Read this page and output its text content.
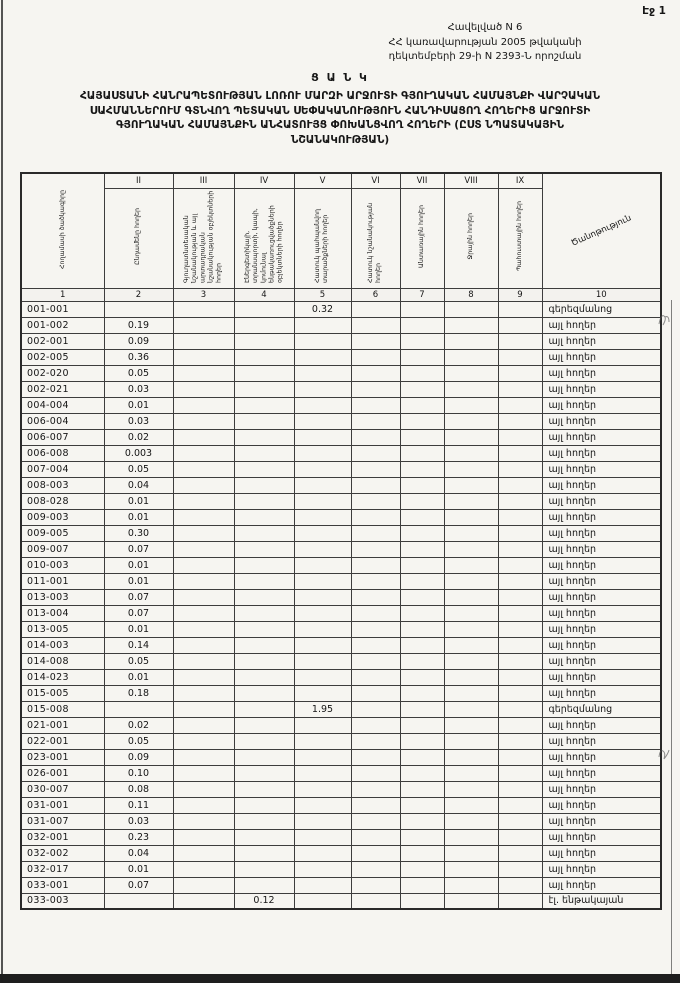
Էջ 1
Հավելված N 6
ՀՀ կառավարության 2005 թվականի
դեկտեմբերի 29-ի N 2393-Ն որոշման
Ց Ա Ն Կ
ՀԱՅԱՍՏԱՆԻ ՀԱՆՐԱՊԵՏՈՒԹՅԱՆ ԼՈՌՈՒ ՄԱՐԶԻ ԱՐՋՈՒՏԻ ԳՅՈՒՂԱԿԱՆ ՀԱՄԱՅՆՔԻ ՎԱՐՉԱԿԱՆ
ՍԱՀՄԱՆՆԵՐՈՒՄ ԳՏՆՎՈՂ ՊԵՏԱԿԱՆ ՍԵՓԱԿԱՆՈՒԹՅՈՒՆ ՀԱՆԴԻՍԱՑՈՂ ՀՈՂԵՐԻՑ ԱՐՋՈՒՏԻ
ԳՅՈՒՂԱԿԱՆ ՀԱՄԱՅՆՔԻՆ ԱՆՀԱՏՈՒՅՑ ՓՈԽԱՆՑՎՈՂ ՀՈՂԵՐԻ (ԸՍՏ ՆՊԱՏԱԿԱՅԻՆ
ՆՇԱՆԱԿՈՒԹՅԱՆ)
Հողամասի ծածկագիրը	II	III	IV	V	VI	VII	VIII	IX	Ծանոթություն
	Ընդամենը հողեր	Գյուղատնտեսական նշանակության և այլ արտադրական նշանակության օբյեկտների հողեր	Էներգետիկայի, տրանսպորտի, կապի, կոմունալ ենթակառուցվածքների օբյեկտների հողեր	Հատուկ պահպանվող տարածքների հողեր	Հատուկ նշանակության հողեր	Անտառային հողեր	Ջրային հողեր	Պահուստային հողեր	
1	2	3	4	5	6	7	8	9	10
001-001				0.32					գերեզմանոց
001-002	0.19								այլ հողեր
002-001	0.09								այլ հողեր
002-005	0.36								այլ հողեր
002-020	0.05								այլ հողեր
002-021	0.03								այլ հողեր
004-004	0.01								այլ հողեր
006-004	0.03								այլ հողեր
006-007	0.02								այլ հողեր
006-008	0.003								այլ հողեր
007-004	0.05								այլ հողեր
008-003	0.04								այլ հողեր
008-028	0.01								այլ հողեր
009-003	0.01								այլ հողեր
009-005	0.30								այլ հողեր
009-007	0.07								այլ հողեր
010-003	0.01								այլ հողեր
011-001	0.01								այլ հողեր
013-003	0.07								այլ հողեր
013-004	0.07								այլ հողեր
013-005	0.01								այլ հողեր
014-003	0.14								այլ հողեր
014-008	0.05								այլ հողեր
014-023	0.01								այլ հողեր
015-005	0.18								այլ հողեր
015-008				1.95					գերեզմանոց
021-001	0.02								այլ հողեր
022-001	0.05								այլ հողեր
023-001	0.09								այլ հողեր
026-001	0.10								այլ հողեր
030-007	0.08								այլ հողեր
031-001	0.11								այլ հողեր
031-007	0.03								այլ հողեր
032-001	0.23								այլ հողեր
032-002	0.04								այլ հողեր
032-017	0.01								այլ հողեր
033-001	0.07								այլ հողեր
033-003			0.12						էլ. ենթակայան
